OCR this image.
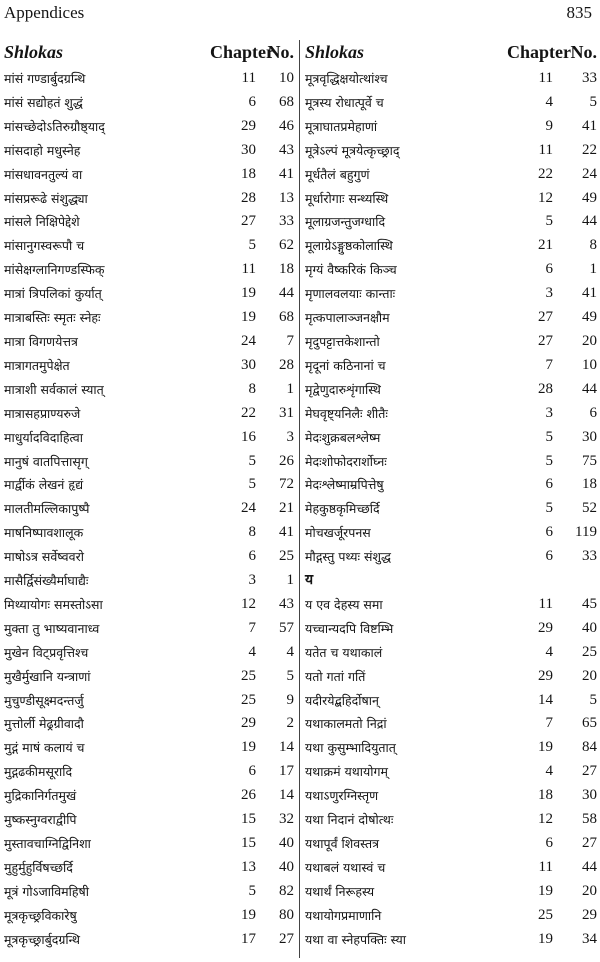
Appendices	835
Shlokas	Chapter	No.
मांसं गण्डार्बुदग्रन्थि	11	10
मांसं सद्योहतं शुद्धं	6	68
मांसच्छेदोऽतिरुग्रौष्ठ्याद्	29	46
मांसदाहो मधुस्नेह	30	43
मांसधावनतुल्यं वा	18	41
मांसप्ररूढे संशुद्ध्या	28	13
मांसले निक्षिपेद्देशे	27	33
मांसानुगस्वरूपौ च	5	62
मांसेक्षग्लानिगण्डस्फिक्	11	18
मात्रां त्रिपलिकां कुर्यात्	19	44
मात्राबस्तिः स्मृतः स्नेहः	19	68
मात्रा विगणयेत्तत्र	24	7
मात्रागतमुपेक्षेत	30	28
मात्राशी सर्वकालं स्यात्	8	1
मात्रासहप्राण्यरुजे	22	31
माधुर्यादविदाहित्वा	16	3
मानुषं वातपित्तासृग्	5	26
मार्द्वीकं लेखनं हृद्यं	5	72
मालतीमल्लिकापुष्पै	24	21
माषनिष्पावशालूक	8	41
माषोऽत्र सर्वेष्ववरो	6	25
मासैर्द्विसंख्यैर्माघाद्यैः	3	1
मिथ्यायोगः समस्तोऽसा	12	43
मुक्ता तु भाष्यवानाध्व	7	57
मुखेन विट्प्रवृत्तिश्च	4	4
मुखैर्मुखानि यन्त्राणां	25	5
मुचुण्डीसूक्ष्मदन्तर्जु	25	9
मुत्तोर्ली मेढ्रग्रीवादौ	29	2
मुद्गं माषं कलायं च	19	14
मुद्ग‍ढकीमसूरादि	6	17
मुद्रिकानिर्गतमुखं	26	14
मुष्कस्नुग्वराद्वीपि	15	32
मुस्तावचाग्निद्विनिशा	15	40
मुहुर्मुहुर्विषच्छर्दि	13	40
मूत्रं गोऽजाविमहिषी	5	82
मूत्रकृच्छ्रविकारेषु	19	80
मूत्रकृच्छ्रार्बुदग्रन्थि	17	27
Shlokas	Chapter	No.
मूत्रवृद्धिक्षयोत्थांश्च	11	33
मूत्रस्य रोधात्पूर्वे च	4	5
मूत्राघातप्रमेहाणां	9	41
मूत्रेऽल्पं मूत्रयेत्कृच्छ्राद्	11	22
मूर्धतैलं बहुगुणं	22	24
मूर्धारोगाः सन्थ्यस्थि	12	49
मूलाग्रजन्तुजग्धादि	5	44
मूलाग्रेऽङ्गुष्ठकोलास्थि	21	8
मृग्यं वैष्करिकं किञ्च	6	1
मृणालवलयाः कान्ताः	3	41
मृत्कपालाञ्जनक्षौम	27	49
मृदुपट्टात्तकेशान्तो	27	20
मृदूनां कठिनानां च	7	10
मृद्वेणुदारुशृंगास्थि	28	44
मेघवृष्ट्यनिलैः शीतैः	3	6
मेदःशुक्रबलश्लेष्म	5	30
मेदःशोफोदरार्शोघ्नः	5	75
मेदःश्लेष्माम्रपित्तेषु	6	18
मेहकुष्ठकृमिच्छर्दि	5	52
मोचखर्जूरपनस	6	119
मौद्गस्तु पथ्यः संशुद्ध	6	33
य		
य एव देहस्य समा	11	45
यच्चान्यदपि विष्टम्भि	29	40
यतेत च यथाकालं	4	25
यतो गतां गतिं	29	20
यदीरयेद्बहिर्दोषान्	14	5
यथाकालमतो निद्रां	7	65
यथा कुसुम्भादियुतात्	19	84
यथाक्रमं यथायोगम्	4	27
यथाऽणुरग्निस्तृण	18	30
यथा निदानं दोषोत्थः	12	58
यथापूर्वं शिवस्तत्र	6	27
यथाबलं यथास्वं च	11	44
यथार्थं निरूहस्य	19	20
यथायोगप्रमाणानि	25	29
यथा वा स्नेहपक्तिः स्या	19	34
